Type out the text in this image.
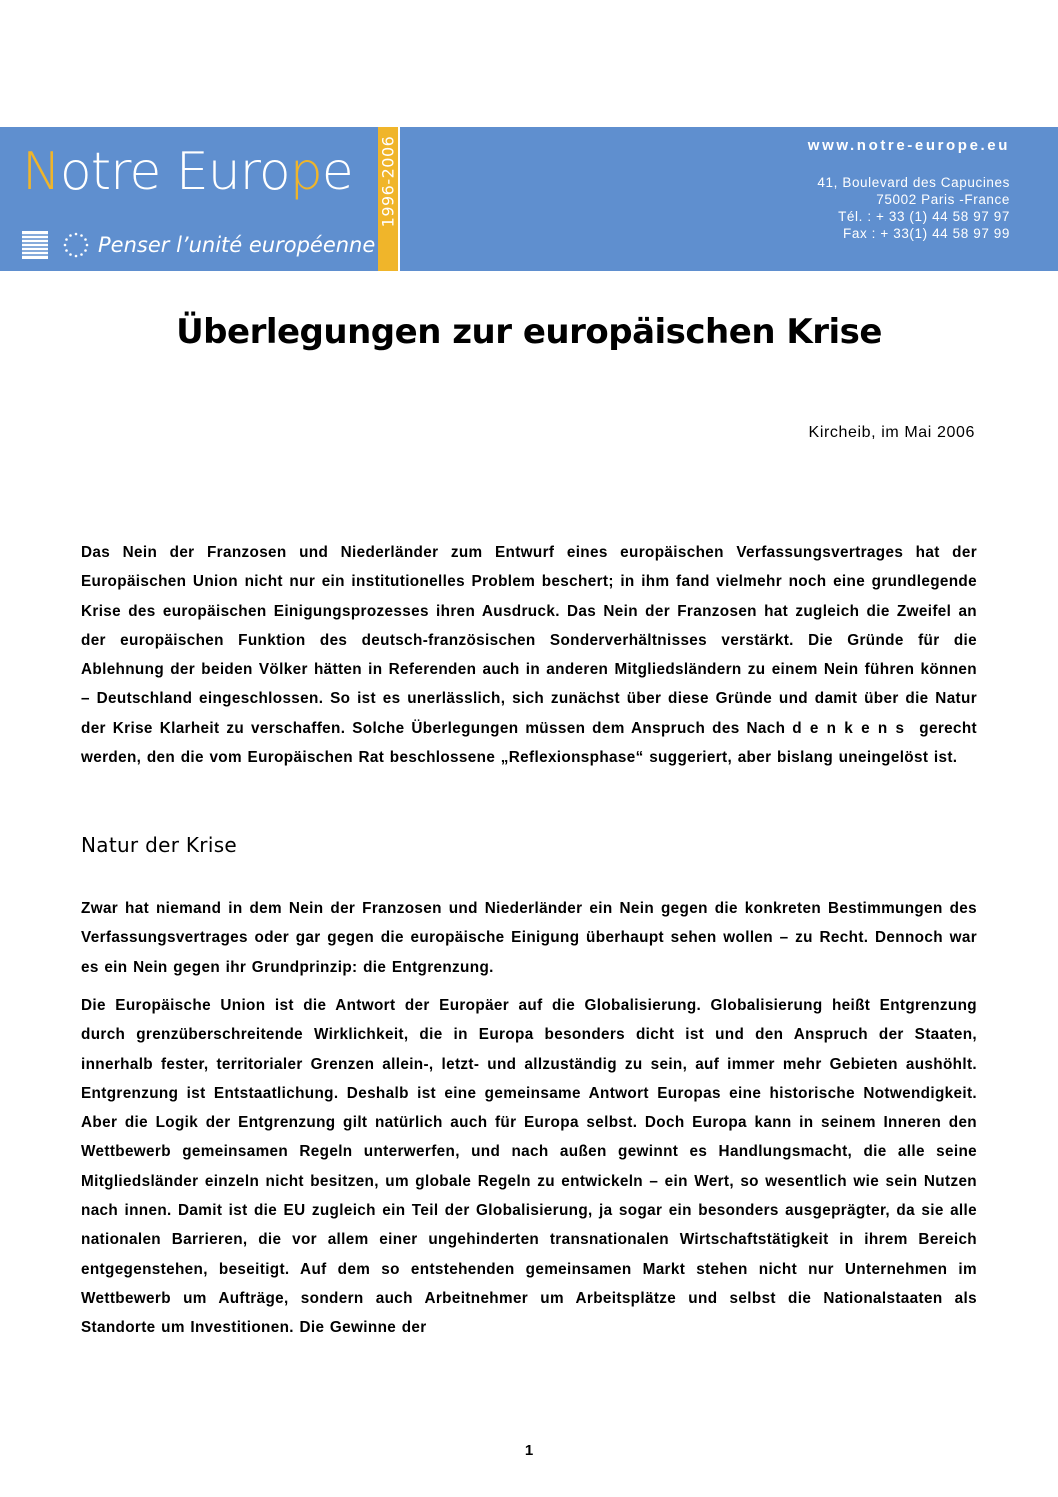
Notre Europe
Penser l’unité européenne
1996-2006	www.notre-europe.eu
41, Boulevard des Capucines
75002 Paris -France
Tél. : + 33 (1) 44 58 97 97
Fax : + 33(1) 44 58 97 99
Überlegungen zur europäischen Krise
Kircheib, im Mai 2006

Das Nein der Franzosen und Niederländer zum Entwurf eines europäischen Verfassungsvertrages hat der Europäischen Union nicht nur ein institutionelles Problem beschert; in ihm fand vielmehr noch eine grundlegende Krise des europäischen Einigungsprozesses ihren Ausdruck. Das Nein der Franzosen hat zugleich die Zweifel an der europäischen Funktion des deutsch-französischen Sonderverhältnisses verstärkt. Die Gründe für die Ablehnung der beiden Völker hätten in Referenden auch in anderen Mitgliedsländern zu einem Nein führen können – Deutschland eingeschlossen. So ist es unerlässlich, sich zunächst über diese Gründe und damit über die Natur der Krise Klarheit zu verschaffen. Solche Überlegungen müssen dem Anspruch des Nach denkens gerecht werden, den die vom Europäischen Rat beschlossene „Reflexionsphase“ suggeriert, aber bislang uneingelöst ist.

Natur der Krise

Zwar hat niemand in dem Nein der Franzosen und Niederländer ein Nein gegen die konkreten Bestimmungen des Verfassungsvertrages oder gar gegen die europäische Einigung überhaupt sehen wollen – zu Recht. Dennoch war es ein Nein gegen ihr Grundprinzip: die Entgrenzung.

Die Europäische Union ist die Antwort der Europäer auf die Globalisierung. Globalisierung heißt Entgrenzung durch grenzüberschreitende Wirklichkeit, die in Europa besonders dicht ist und den Anspruch der Staaten, innerhalb fester, territorialer Grenzen allein-, letzt- und allzuständig zu sein, auf immer mehr Gebieten aushöhlt. Entgrenzung ist Entstaatlichung. Deshalb ist eine gemeinsame Antwort Europas eine historische Notwendigkeit. Aber die Logik der Entgrenzung gilt natürlich auch für Europa selbst. Doch Europa kann in seinem Inneren den Wettbewerb gemeinsamen Regeln unterwerfen, und nach außen gewinnt es Handlungsmacht, die alle seine Mitgliedsländer einzeln nicht besitzen, um globale Regeln zu entwickeln – ein Wert, so wesentlich wie sein Nutzen nach innen. Damit ist die EU zugleich ein Teil der Globalisierung, ja sogar ein besonders ausgeprägter, da sie alle nationalen Barrieren, die vor allem einer ungehinderten transnationalen Wirtschaftstätigkeit in ihrem Bereich entgegenstehen, beseitigt. Auf dem so entstehenden gemeinsamen Markt stehen nicht nur Unternehmen im Wettbewerb um Aufträge, sondern auch Arbeitnehmer um Arbeitsplätze und selbst die Nationalstaaten als Standorte um Investitionen. Die Gewinne der

1
